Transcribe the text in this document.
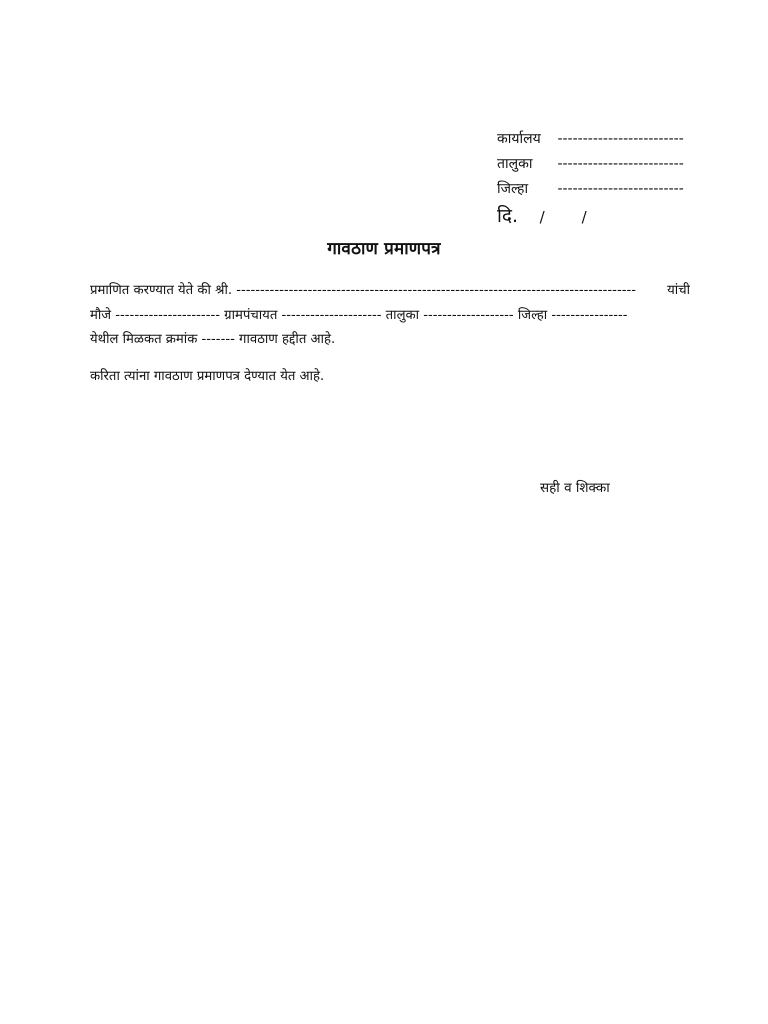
कार्यालय -------------------------
तालुका -------------------------
जिल्हा -------------------------
दि. / /
गावठाण प्रमाणपत्र
प्रमाणित करण्यात येते की श्री. ------------------------------------------------------------------------------------ यांची
मौजे ---------------------- ग्रामपंचायत --------------------- तालुका ------------------- जिल्हा ----------------
येथील मिळकत क्रमांक ------- गावठाण हद्दीत आहे.
करिता त्यांना गावठाण प्रमाणपत्र देण्यात येत आहे.
सही व शिक्का
